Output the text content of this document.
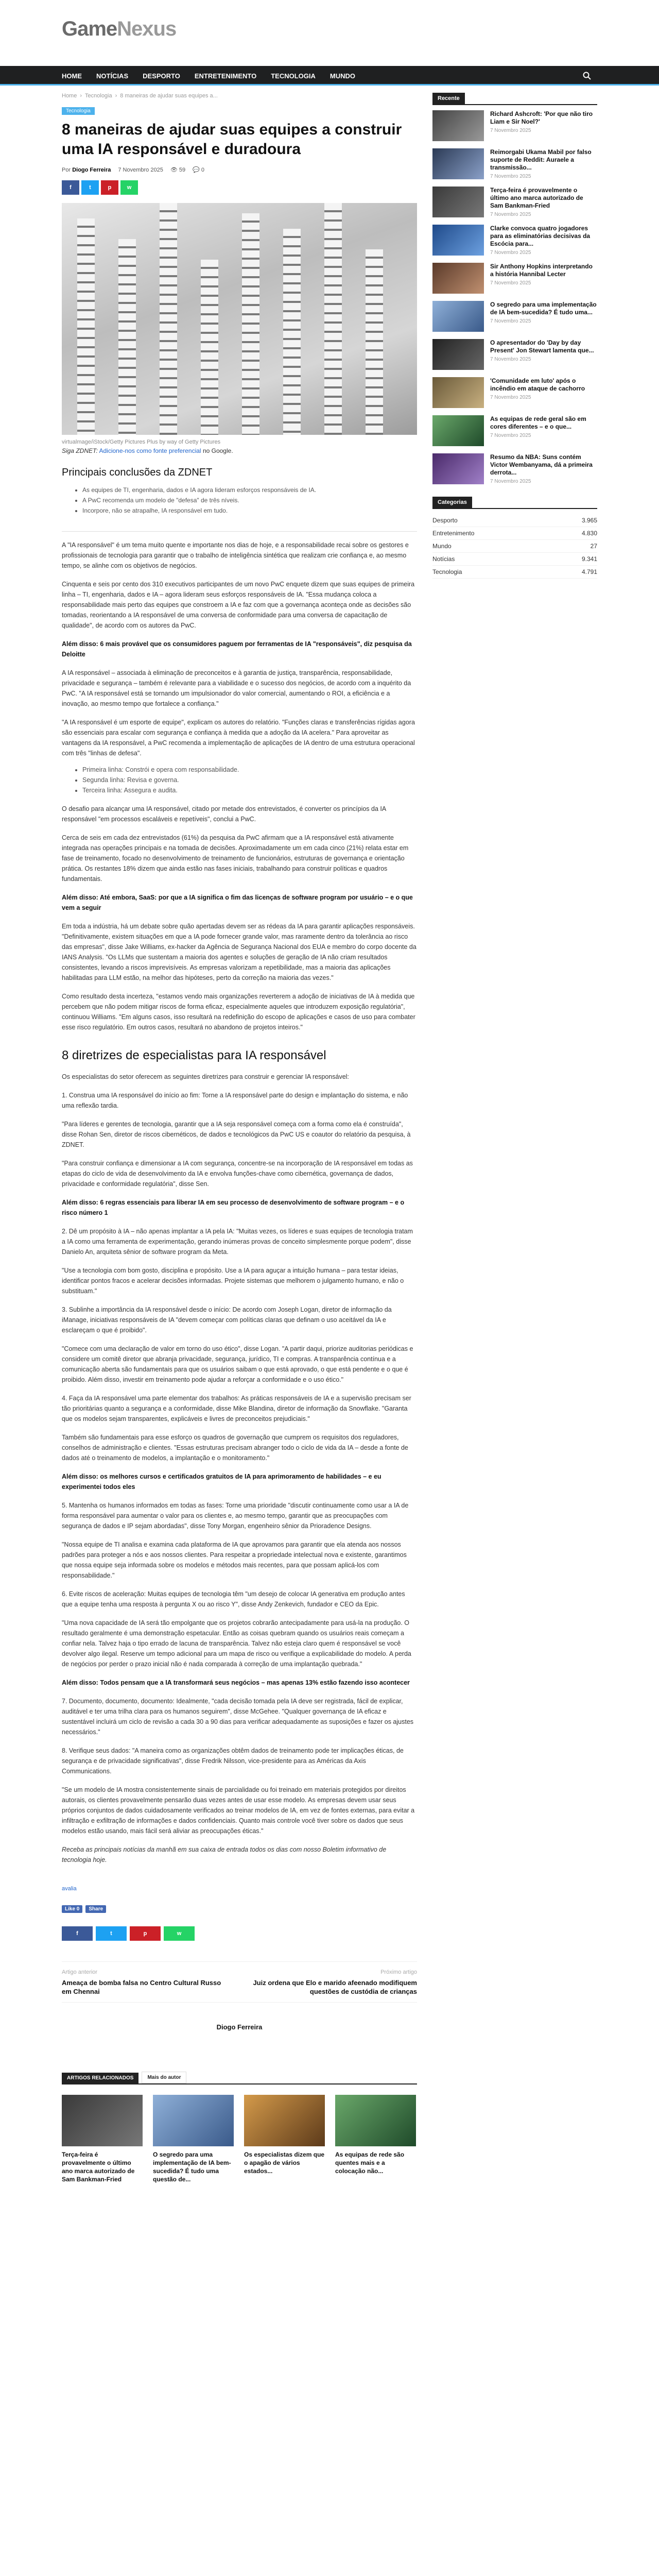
GameNexus
HOME	NOTÍCIAS	DESPORTO	ENTRETENIMENTO	TECNOLOGIA	MUNDO
Home › Tecnologia › 8 maneiras de ajudar suas equipes a...
Tecnologia
8 maneiras de ajudar suas equipes a construir uma IA responsável e duradoura
Por Diogo Ferreira 7 Novembro 2025 👁 59 💬 0
f	t	p	w
virtualmage/iStock/Getty Pictures Plus by way of Getty Pictures
Siga ZDNET: Adicione-nos como fonte preferencial no Google.
Principais conclusões da ZDNET
• As equipes de TI, engenharia, dados e IA agora lideram esforços responsáveis de IA.
• A PwC recomenda um modelo de "defesa" de três níveis.
• Incorpore, não se atrapalhe, IA responsável em tudo.

A "IA responsável" é um tema muito quente e importante nos dias de hoje, e a responsabilidade recai sobre os gestores e profissionais de tecnologia para garantir que o trabalho de inteligência sintética que realizam crie confiança e, ao mesmo tempo, se alinhe com os objetivos de negócios.

Cinquenta e seis por cento dos 310 executivos participantes de um novo PwC enquete dizem que suas equipes de primeira linha – TI, engenharia, dados e IA – agora lideram seus esforços responsáveis de IA. "Essa mudança coloca a responsabilidade mais perto das equipes que constroem a IA e faz com que a governança aconteça onde as decisões são tomadas, reorientando a IA responsável de uma conversa de conformidade para uma conversa de capacitação de qualidade", de acordo com os autores da PwC.

Além disso: 6 mais provável que os consumidores paguem por ferramentas de IA "responsáveis", diz pesquisa da Deloitte

A IA responsável – associada à eliminação de preconceitos e à garantia de justiça, transparência, responsabilidade, privacidade e segurança – também é relevante para a viabilidade e o sucesso dos negócios, de acordo com a inquérito da PwC. "A IA responsável está se tornando um impulsionador do valor comercial, aumentando o ROI, a eficiência e a inovação, ao mesmo tempo que fortalece a confiança."

"A IA responsável é um esporte de equipe", explicam os autores do relatório. "Funções claras e transferências rígidas agora são essenciais para escalar com segurança e confiança à medida que a adoção da IA acelera." Para aproveitar as vantagens da IA responsável, a PwC recomenda a implementação de aplicações de IA dentro de uma estrutura operacional com três "linhas de defesa".

• Primeira linha: Constrói e opera com responsabilidade.
• Segunda linha: Revisa e governa.
• Terceira linha: Assegura e audita.

O desafio para alcançar uma IA responsável, citado por metade dos entrevistados, é converter os princípios da IA responsável "em processos escaláveis e repetíveis", conclui a PwC.

Cerca de seis em cada dez entrevistados (61%) da pesquisa da PwC afirmam que a IA responsável está ativamente integrada nas operações principais e na tomada de decisões. Aproximadamente um em cada cinco (21%) relata estar em fase de treinamento, focado no desenvolvimento de treinamento de funcionários, estruturas de governança e orientação prática. Os restantes 18% dizem que ainda estão nas fases iniciais, trabalhando para construir políticas e quadros fundamentais.

Além disso: Até embora, SaaS: por que a IA significa o fim das licenças de software program por usuário – e o que vem a seguir

Em toda a indústria, há um debate sobre quão apertadas devem ser as rédeas da IA para garantir aplicações responsáveis. "Definitivamente, existem situações em que a IA pode fornecer grande valor, mas raramente dentro da tolerância ao risco das empresas", disse Jake Williams, ex-hacker da Agência de Segurança Nacional dos EUA e membro do corpo docente da IANS Analysis. "Os LLMs que sustentam a maioria dos agentes e soluções de geração de IA não criam resultados consistentes, levando a riscos imprevisíveis. As empresas valorizam a repetibilidade, mas a maioria das aplicações habilitadas para LLM estão, na melhor das hipóteses, perto da correção na maioria das vezes."

Como resultado desta incerteza, "estamos vendo mais organizações reverterem a adoção de iniciativas de IA à medida que percebem que não podem mitigar riscos de forma eficaz, especialmente aqueles que introduzem exposição regulatória", continuou Williams. "Em alguns casos, isso resultará na redefinição do escopo de aplicações e casos de uso para combater esse risco regulatório. Em outros casos, resultará no abandono de projetos inteiros."

8 diretrizes de especialistas para IA responsável

Os especialistas do setor oferecem as seguintes diretrizes para construir e gerenciar IA responsável:

1. Construa uma IA responsável do início ao fim: Torne a IA responsável parte do design e implantação do sistema, e não uma reflexão tardia.

"Para líderes e gerentes de tecnologia, garantir que a IA seja responsável começa com a forma como ela é construída", disse Rohan Sen, diretor de riscos cibernéticos, de dados e tecnológicos da PwC US e coautor do relatório da pesquisa, à ZDNET.

"Para construir confiança e dimensionar a IA com segurança, concentre-se na incorporação de IA responsável em todas as etapas do ciclo de vida de desenvolvimento da IA e envolva funções-chave como cibernética, governança de dados, privacidade e conformidade regulatória", disse Sen.

Além disso: 6 regras essenciais para liberar IA em seu processo de desenvolvimento de software program – e o risco número 1

2. Dê um propósito à IA – não apenas implantar a IA pela IA: "Muitas vezes, os líderes e suas equipes de tecnologia tratam a IA como uma ferramenta de experimentação, gerando inúmeras provas de conceito simplesmente porque podem", disse Danielo An, arquiteta sênior de software program da Meta.

"Use a tecnologia com bom gosto, disciplina e propósito. Use a IA para aguçar a intuição humana – para testar ideias, identificar pontos fracos e acelerar decisões informadas. Projete sistemas que melhorem o julgamento humano, e não o substituam."

3. Sublinhe a importância da IA responsável desde o início: De acordo com Joseph Logan, diretor de informação da iManage, iniciativas responsáveis de IA "devem começar com políticas claras que definam o uso aceitável da IA e esclareçam o que é proibido".

"Comece com uma declaração de valor em torno do uso ético", disse Logan. "A partir daqui, priorize auditorias periódicas e considere um comitê diretor que abranja privacidade, segurança, jurídico, TI e compras. A transparência contínua e a comunicação aberta são fundamentais para que os usuários saibam o que está aprovado, o que está pendente e o que é proibido. Além disso, investir em treinamento pode ajudar a reforçar a conformidade e o uso ético."

4. Faça da IA responsável uma parte elementar dos trabalhos: As práticas responsáveis de IA e a supervisão precisam ser tão prioritárias quanto a segurança e a conformidade, disse Mike Blandina, diretor de informação da Snowflake. "Garanta que os modelos sejam transparentes, explicáveis e livres de preconceitos prejudiciais."

Também são fundamentais para esse esforço os quadros de governação que cumprem os requisitos dos reguladores, conselhos de administração e clientes. "Essas estruturas precisam abranger todo o ciclo de vida da IA – desde a fonte de dados até o treinamento de modelos, a implantação e o monitoramento."

Além disso: os melhores cursos e certificados gratuitos de IA para aprimoramento de habilidades – e eu experimentei todos eles

5. Mantenha os humanos informados em todas as fases: Torne uma prioridade "discutir continuamente como usar a IA de forma responsável para aumentar o valor para os clientes e, ao mesmo tempo, garantir que as preocupações com segurança de dados e IP sejam abordadas", disse Tony Morgan, engenheiro sênior da Prioradence Designs.

"Nossa equipe de TI analisa e examina cada plataforma de IA que aprovamos para garantir que ela atenda aos nossos padrões para proteger a nós e aos nossos clientes. Para respeitar a propriedade intelectual nova e existente, garantimos que nossa equipe seja informada sobre os modelos e métodos mais recentes, para que possam aplicá-los com responsabilidade."

6. Evite riscos de aceleração: Muitas equipes de tecnologia têm "um desejo de colocar IA generativa em produção antes que a equipe tenha uma resposta à pergunta X ou ao risco Y", disse Andy Zenkevich, fundador e CEO da Epic.

"Uma nova capacidade de IA será tão empolgante que os projetos cobrarão antecipadamente para usá-la na produção. O resultado geralmente é uma demonstração espetacular. Então as coisas quebram quando os usuários reais começam a confiar nela. Talvez haja o tipo errado de lacuna de transparência. Talvez não esteja claro quem é responsável se você devolver algo ilegal. Reserve um tempo adicional para um mapa de risco ou verifique a explicabilidade do modelo. A perda de negócios por perder o prazo inicial não é nada comparada à correção de uma implantação quebrada."

Além disso: Todos pensam que a IA transformará seus negócios – mas apenas 13% estão fazendo isso acontecer

7. Documento, documento, documento: Idealmente, "cada decisão tomada pela IA deve ser registrada, fácil de explicar, auditável e ter uma trilha clara para os humanos seguirem", disse McGehee. "Qualquer governança de IA eficaz e sustentável incluirá um ciclo de revisão a cada 30 a 90 dias para verificar adequadamente as suposições e fazer os ajustes necessários."

8. Verifique seus dados: "A maneira como as organizações obtêm dados de treinamento pode ter implicações éticas, de segurança e de privacidade significativas", disse Fredrik Nilsson, vice-presidente para as Américas da Axis Communications.

"Se um modelo de IA mostra consistentemente sinais de parcialidade ou foi treinado em materiais protegidos por direitos autorais, os clientes provavelmente pensarão duas vezes antes de usar esse modelo. As empresas devem usar seus próprios conjuntos de dados cuidadosamente verificados ao treinar modelos de IA, em vez de fontes externas, para evitar a infiltração e exfiltração de informações e dados confidenciais. Quanto mais controle você tiver sobre os dados que seus modelos estão usando, mais fácil será aliviar as preocupações éticas."

Receba as principais notícias da manhã em sua caixa de entrada todos os dias com nosso Boletim informativo de tecnologia hoje.

avalia
Like 0	Share
f	t	p	w
Artigo anterior
Ameaça de bomba falsa no Centro Cultural Russo em Chennai
Próximo artigo
Juiz ordena que Elo e marido afeenado modifiquem questões de custódia de crianças
Diogo Ferreira
ARTIGOS RELACIONADOS	Mais do autor
Terça-feira é provavelmente o último ano marca autorizado de Sam Bankman-Fried
O segredo para uma implementação de IA bem-sucedida? É tudo uma questão de...
Os especialistas dizem que o apagão de vários estados...
As equipas de rede são quentes mais e a colocação não...
Recente
Richard Ashcroft: 'Por que não tiro Liam e Sir Noel?'
7 Novembro 2025
Reimorgabi Ukama Mabil por falso suporte de Reddit: Auraele a transmissão...
7 Novembro 2025
Terça-feira é provavelmente o último ano marca autorizado de Sam Bankman-Fried
7 Novembro 2025
Clarke convoca quatro jogadores para as eliminatórias decisivas da Escócia para...
7 Novembro 2025
Sir Anthony Hopkins interpretando a história Hannibal Lecter
7 Novembro 2025
O segredo para uma implementação de IA bem-sucedida? É tudo uma...
7 Novembro 2025
O apresentador do 'Day by day Present' Jon Stewart lamenta que...
7 Novembro 2025
'Comunidade em luto' após o incêndio em ataque de cachorro
7 Novembro 2025
As equipas de rede geral são em cores diferentes – e o que...
7 Novembro 2025
Resumo da NBA: Suns contém Victor Wembanyama, dá a primeira derrota...
7 Novembro 2025
Categorias
Desporto	3.965
Entretenimento	4.830
Mundo	27
Notícias	9.341
Tecnologia	4.791
